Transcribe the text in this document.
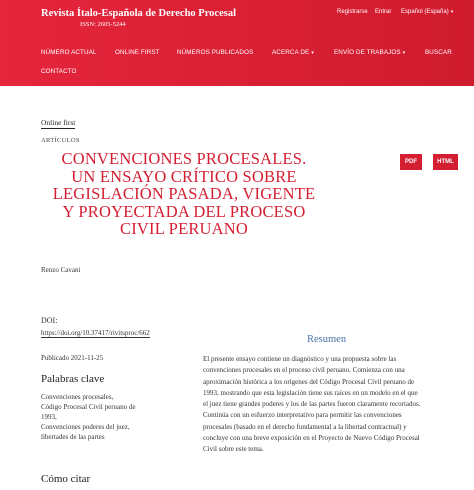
Revista Ítalo-Española de Derecho Procesal
ISSN: 2605-5244
Registrarse Entrar Español (España) ▾
NÚMERO ACTUAL	ONLINE FIRST	NÚMEROS PUBLICADOS	ACERCA DE ▾	ENVÍO DE TRABAJOS ▾	BUSCAR
CONTACTO
Online first
ARTÍCULOS
CONVENCIONES PROCESALES.
UN ENSAYO CRÍTICO SOBRE
LEGISLACIÓN PASADA, VIGENTE
Y PROYECTADA DEL PROCESO
CIVIL PERUANO
PDF	HTML
Renzo Cavani
DOI:
https://doi.org/10.37417/rivitsproc/662
Publicado 2021-11-25
Palabras clave
Convenciones procesales,
Código Procesal Civil peruano de
1993,
Convenciones poderes del juez,
libertades de las partes
Cómo citar
Resumen
El presente ensayo contiene un diagnóstico y una propuesta sobre las
convenciones procesales en el proceso civil peruano. Comienza con una
aproximación histórica a los orígenes del Código Procesal Civil peruano de
1993, mostrando que esta legislación tiene sus raíces en un modelo en el que
el juez tiene grandes poderes y los de las partes fueron claramente recortados.
Continúa con un esfuerzo interpretativo para permitir las convenciones
procesales (basado en el derecho fundamental a la libertad contractual) y
concluye con una breve exposición en el Proyecto de Nuevo Código Procesal
Civil sobre este tema.
